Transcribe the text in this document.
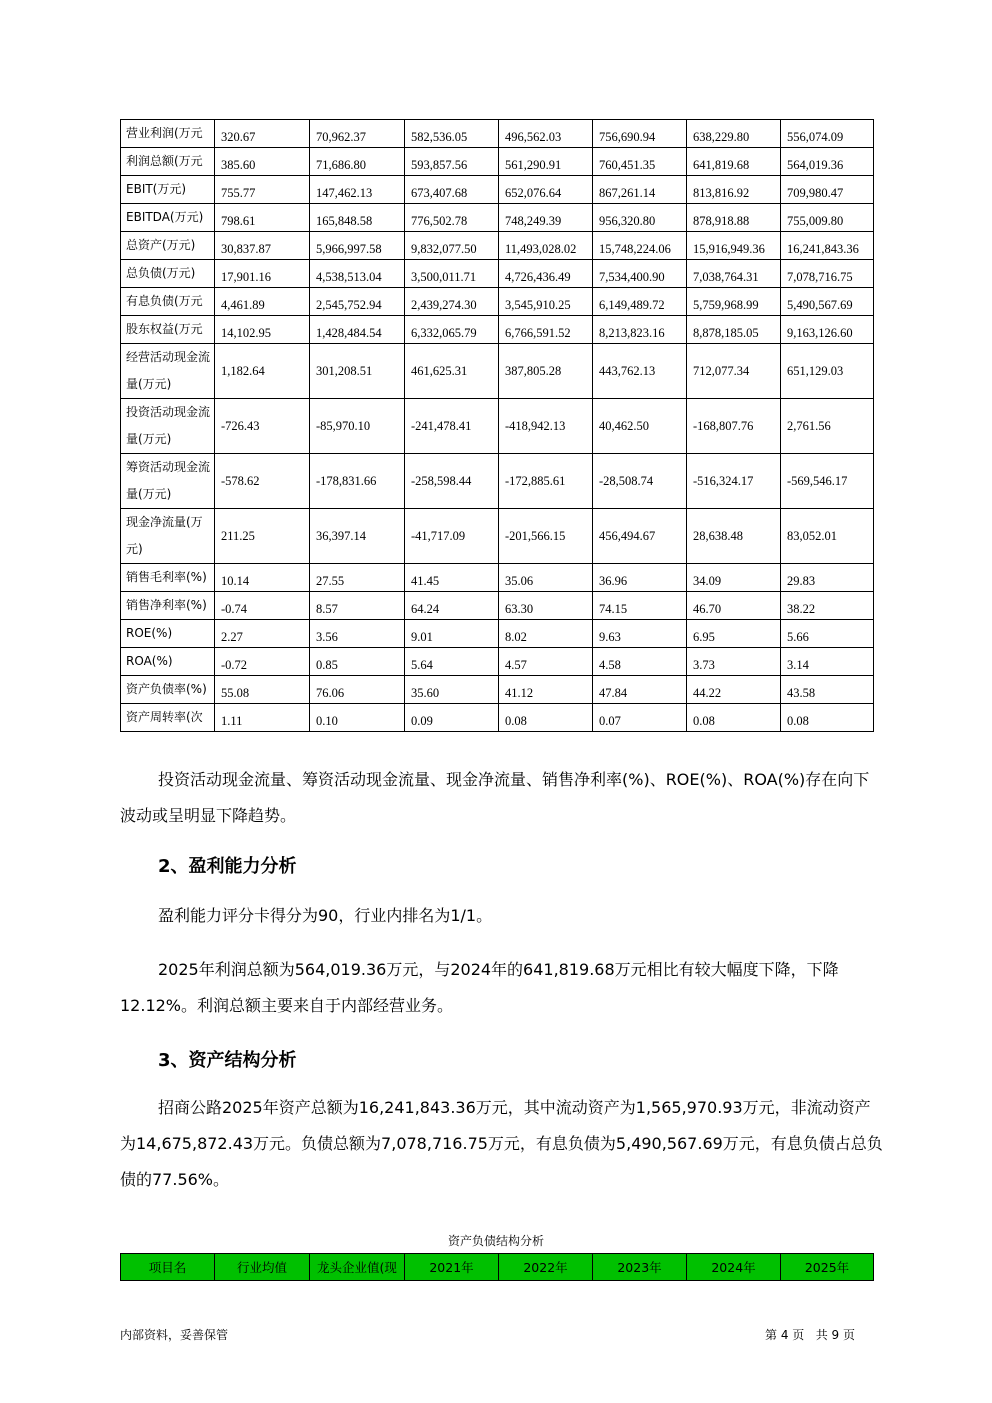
营业利润(万元	320.67	70,962.37	582,536.05	496,562.03	756,690.94	638,229.80	556,074.09
利润总额(万元	385.60	71,686.80	593,857.56	561,290.91	760,451.35	641,819.68	564,019.36
EBIT(万元)	755.77	147,462.13	673,407.68	652,076.64	867,261.14	813,816.92	709,980.47
EBITDA(万元)	798.61	165,848.58	776,502.78	748,249.39	956,320.80	878,918.88	755,009.80
总资产(万元)	30,837.87	5,966,997.58	9,832,077.50	11,493,028.02	15,748,224.06	15,916,949.36	16,241,843.36
总负债(万元)	17,901.16	4,538,513.04	3,500,011.71	4,726,436.49	7,534,400.90	7,038,764.31	7,078,716.75
有息负债(万元	4,461.89	2,545,752.94	2,439,274.30	3,545,910.25	6,149,489.72	5,759,968.99	5,490,567.69
股东权益(万元	14,102.95	1,428,484.54	6,332,065.79	6,766,591.52	8,213,823.16	8,878,185.05	9,163,126.60
经营活动现金流量(万元)	1,182.64	301,208.51	461,625.31	387,805.28	443,762.13	712,077.34	651,129.03
投资活动现金流量(万元)	-726.43	-85,970.10	-241,478.41	-418,942.13	40,462.50	-168,807.76	2,761.56
筹资活动现金流量(万元)	-578.62	-178,831.66	-258,598.44	-172,885.61	-28,508.74	-516,324.17	-569,546.17
现金净流量(万元)	211.25	36,397.14	-41,717.09	-201,566.15	456,494.67	28,638.48	83,052.01
销售毛利率(%)	10.14	27.55	41.45	35.06	36.96	34.09	29.83
销售净利率(%)	-0.74	8.57	64.24	63.30	74.15	46.70	38.22
ROE(%)	2.27	3.56	9.01	8.02	9.63	6.95	5.66
ROA(%)	-0.72	0.85	5.64	4.57	4.58	3.73	3.14
资产负债率(%)	55.08	76.06	35.60	41.12	47.84	44.22	43.58
资产周转率(次	1.11	0.10	0.09	0.08	0.07	0.08	0.08

投资活动现金流量、筹资活动现金流量、现金净流量、销售净利率(%)、ROE(%)、ROA(%)存在向下波动或呈明显下降趋势。

2、盈利能力分析

盈利能力评分卡得分为90，行业内排名为1/1。

2025年利润总额为564,019.36万元，与2024年的641,819.68万元相比有较大幅度下降，下降12.12%。利润总额主要来自于内部经营业务。

3、资产结构分析

招商公路2025年资产总额为16,241,843.36万元，其中流动资产为1,565,970.93万元，非流动资产为14,675,872.43万元。负债总额为7,078,716.75万元，有息负债为5,490,567.69万元，有息负债占总负债的77.56%。

资产负债结构分析
项目名	行业均值	龙头企业值(现	2021年	2022年	2023年	2024年	2025年
内部资料，妥善保管	第 4 页   共 9 页
